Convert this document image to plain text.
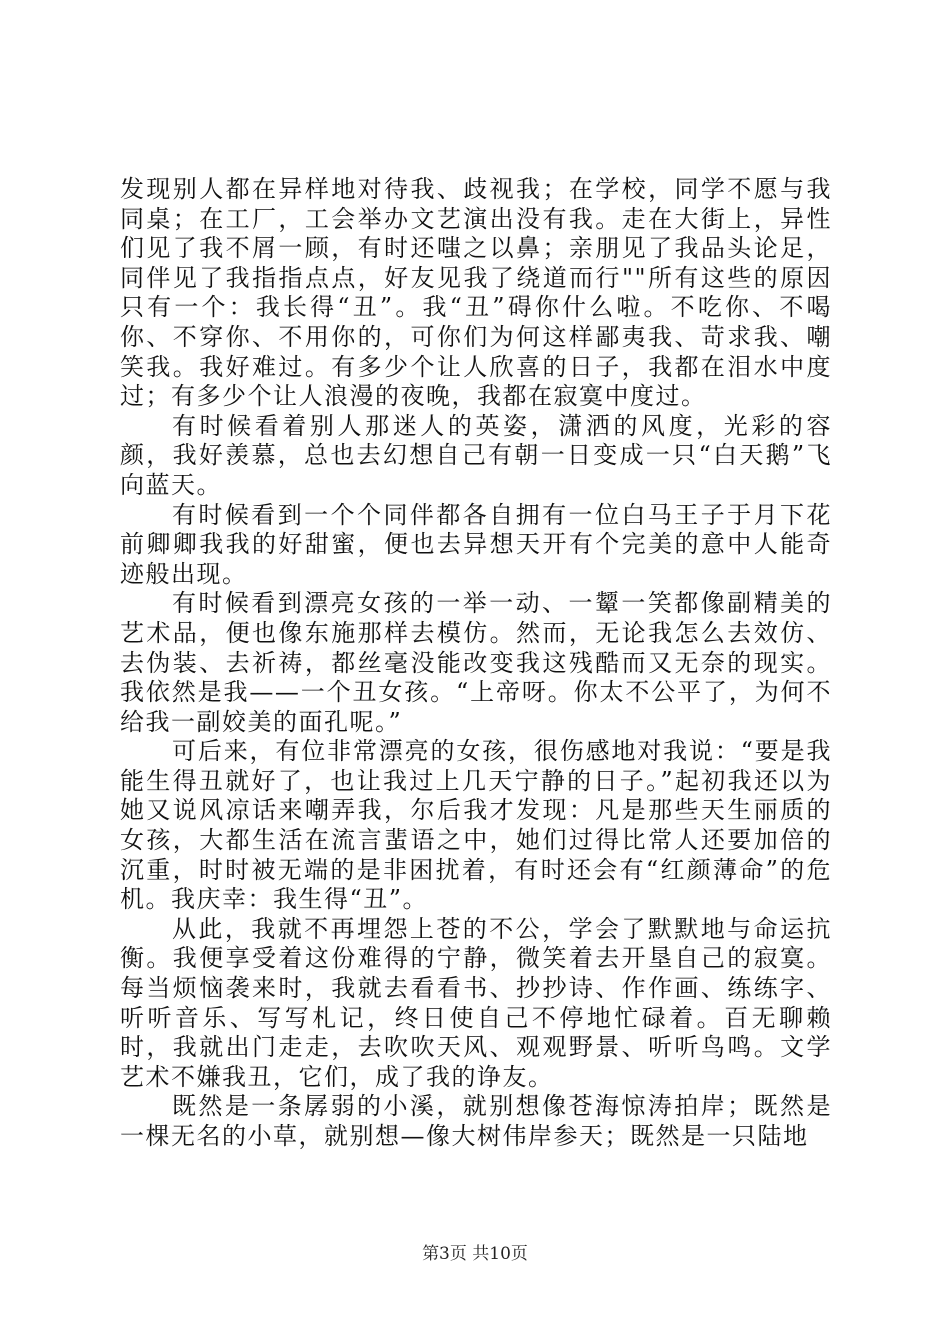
发现别人都在异样地对待我、歧视我；在学校，同学不愿与我同桌；在工厂，工会举办文艺演出没有我。走在大街上，异性们见了我不屑一顾，有时还嗤之以鼻；亲朋见了我品头论足，同伴见了我指指点点，好友见我了绕道而行""所有这些的原因只有一个：我长得“丑”。我“丑”碍你什么啦。不吃你、不喝你、不穿你、不用你的，可你们为何这样鄙夷我、苛求我、嘲笑我。我好难过。有多少个让人欣喜的日子，我都在泪水中度过；有多少个让人浪漫的夜晚，我都在寂寞中度过。

有时候看着别人那迷人的英姿，潇洒的风度，光彩的容颜，我好羡慕，总也去幻想自己有朝一日变成一只“白天鹅”飞向蓝天。

有时候看到一个个同伴都各自拥有一位白马王子于月下花前卿卿我我的好甜蜜，便也去异想天开有个完美的意中人能奇迹般出现。

有时候看到漂亮女孩的一举一动、一颦一笑都像副精美的艺术品，便也像东施那样去模仿。然而，无论我怎么去效仿、去伪装、去祈祷，都丝毫没能改变我这残酷而又无奈的现实。我依然是我——一个丑女孩。“上帝呀。你太不公平了，为何不给我一副姣美的面孔呢。”

可后来，有位非常漂亮的女孩，很伤感地对我说：“要是我能生得丑就好了，也让我过上几天宁静的日子。”起初我还以为她又说风凉话来嘲弄我，尔后我才发现：凡是那些天生丽质的女孩，大都生活在流言蜚语之中，她们过得比常人还要加倍的沉重，时时被无端的是非困扰着，有时还会有“红颜薄命”的危机。我庆幸：我生得“丑”。

从此，我就不再埋怨上苍的不公，学会了默默地与命运抗衡。我便享受着这份难得的宁静，微笑着去开垦自己的寂寞。每当烦恼袭来时，我就去看看书、抄抄诗、作作画、练练字、听听音乐、写写札记，终日使自己不停地忙碌着。百无聊赖时，我就出门走走，去吹吹天风、观观野景、听听鸟鸣。文学艺术不嫌我丑，它们，成了我的诤友。

既然是一条孱弱的小溪，就别想像苍海惊涛拍岸；既然是一棵无名的小草，就别想—像大树伟岸参天；既然是一只陆地

第3页 共10页
